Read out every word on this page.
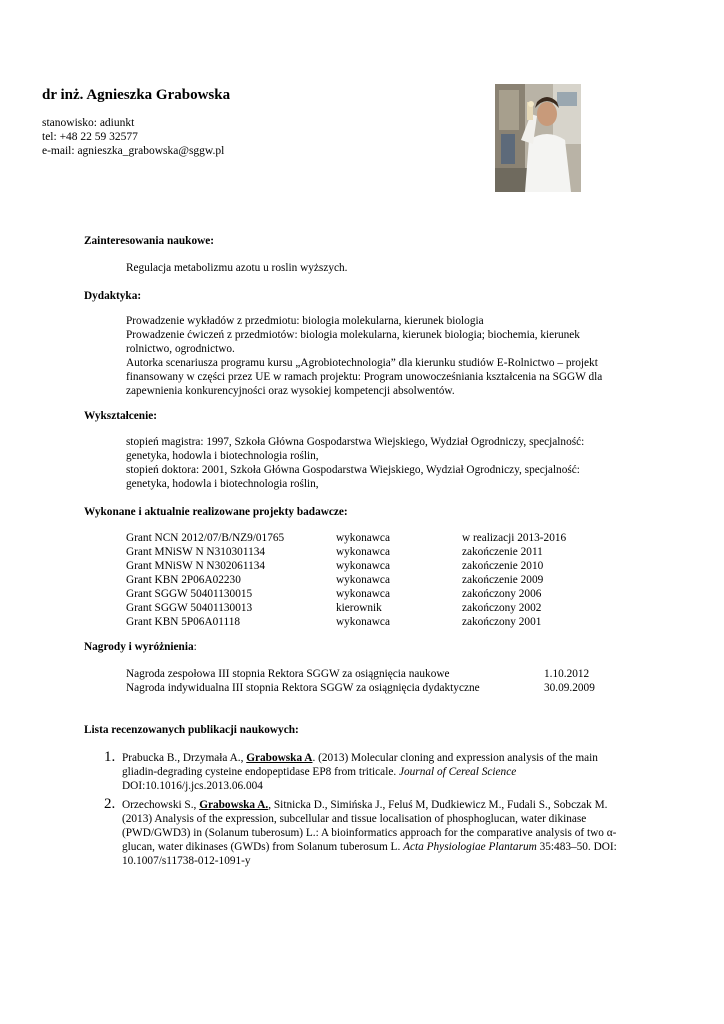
dr inż. Agnieszka Grabowska
stanowisko: adiunkt
tel: +48 22 59 32577
e-mail: agnieszka_grabowska@sggw.pl
Zainteresowania naukowe:
Regulacja metabolizmu azotu u roslin wyższych.
Dydaktyka:
Prowadzenie wykładów z przedmiotu: biologia molekularna, kierunek biologia
Prowadzenie ćwiczeń z przedmiotów: biologia molekularna, kierunek biologia; biochemia, kierunek rolnictwo, ogrodnictwo.
Autorka scenariusza programu kursu „Agrobiotechnologia” dla kierunku studiów E-Rolnictwo – projekt finansowany w części przez UE w ramach projektu: Program unowocześniania kształcenia na SGGW dla zapewnienia konkurencyjności oraz wysokiej kompetencji absolwentów.
Wykształcenie:
stopień magistra: 1997, Szkoła Główna Gospodarstwa Wiejskiego, Wydział Ogrodniczy, specjalność: genetyka, hodowla i biotechnologia roślin,
stopień doktora: 2001, Szkoła Główna Gospodarstwa Wiejskiego, Wydział Ogrodniczy, specjalność: genetyka, hodowla i biotechnologia roślin,
Wykonane i aktualnie realizowane projekty badawcze:
Grant NCN 2012/07/B/NZ9/01765	wykonawca	w realizacji 2013-2016
Grant MNiSW N N310301134	wykonawca	zakończenie 2011
Grant MNiSW N N302061134	wykonawca	zakończenie 2010
Grant KBN 2P06A02230	wykonawca	zakończenie 2009
Grant SGGW 50401130015	wykonawca	zakończony 2006
Grant SGGW 50401130013	kierownik	zakończony 2002
Grant KBN 5P06A01118	wykonawca	zakończony 2001
Nagrody i wyróżnienia:
Nagroda zespołowa III stopnia Rektora SGGW za osiągnięcia naukowe	1.10.2012
Nagroda indywidualna III stopnia Rektora SGGW za osiągnięcia dydaktyczne	30.09.2009
Lista recenzowanych publikacji naukowych:
1. Prabucka B., Drzymała A., Grabowska A. (2013) Molecular cloning and expression analysis of the main gliadin-degrading cysteine endopeptidase EP8 from triticale. Journal of Cereal Science
DOI:10.1016/j.jcs.2013.06.004
2. Orzechowski S., Grabowska A., Sitnicka D., Simińska J., Feluś M, Dudkiewicz M., Fudali S., Sobczak M. (2013) Analysis of the expression, subcellular and tissue localisation of phosphoglucan, water dikinase (PWD/GWD3) in (Solanum tuberosum) L.: A bioinformatics approach for the comparative analysis of two α-glucan, water dikinases (GWDs) from Solanum tuberosum L. Acta Physiologiae Plantarum 35:483–50. DOI: 10.1007/s11738-012-1091-y
